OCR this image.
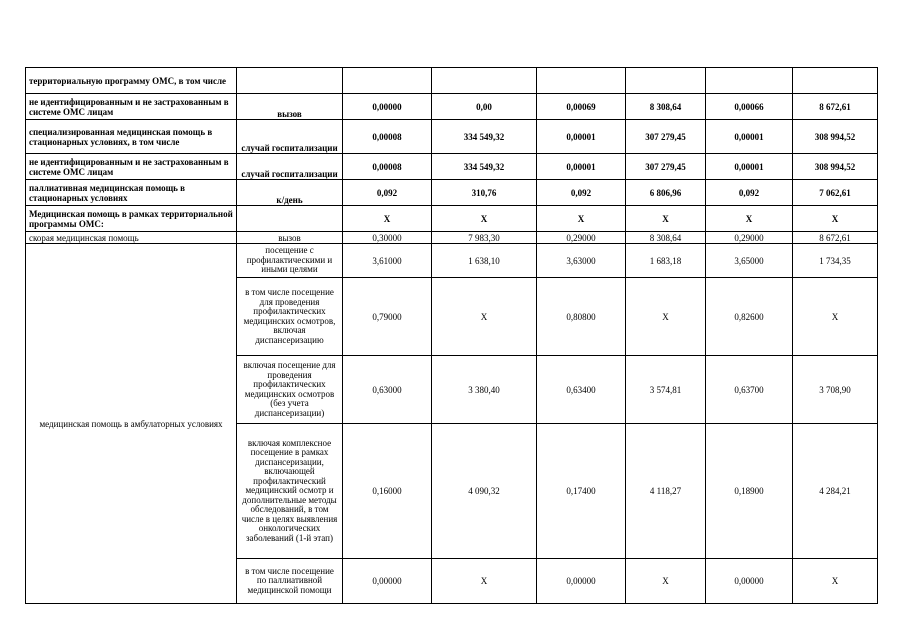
территориальную программу ОМС, в том числе							
не идентифицированным и не застрахованным в системе ОМС лицам	вызов	0,00000	0,00	0,00069	8 308,64	0,00066	8 672,61
специализированная медицинская помощь в стационарных условиях, в том числе	случай госпитализации	0,00008	334 549,32	0,00001	307 279,45	0,00001	308 994,52
не идентифицированным и не застрахованным в системе ОМС лицам	случай госпитализации	0,00008	334 549,32	0,00001	307 279,45	0,00001	308 994,52
паллиативная медицинская помощь в стационарных условиях	к/день	0,092	310,76	0,092	6 806,96	0,092	7 062,61
Медицинская помощь в рамках территориальной программы ОМС:		X	X	X	X	X	X
скорая медицинская помощь	вызов	0,30000	7 983,30	0,29000	8 308,64	0,29000	8 672,61
медицинская помощь в амбулаторных условиях	посещение с профилактическими и иными целями	3,61000	1 638,10	3,63000	1 683,18	3,65000	1 734,35
	в том числе посещение для проведения профилактических медицинских осмотров, включая диспансеризацию	0,79000	X	0,80800	X	0,82600	X
	включая посещение для проведения профилактических медицинских осмотров (без учета диспансеризации)	0,63000	3 380,40	0,63400	3 574,81	0,63700	3 708,90
	включая комплексное посещение в рамках диспансеризации, включающей профилактический медицинский осмотр и дополнительные методы обследований, в том числе в целях выявления онкологических заболеваний (1-й этап)	0,16000	4 090,32	0,17400	4 118,27	0,18900	4 284,21
	в том числе посещение по паллиативной медицинской помощи	0,00000	X	0,00000	X	0,00000	X
